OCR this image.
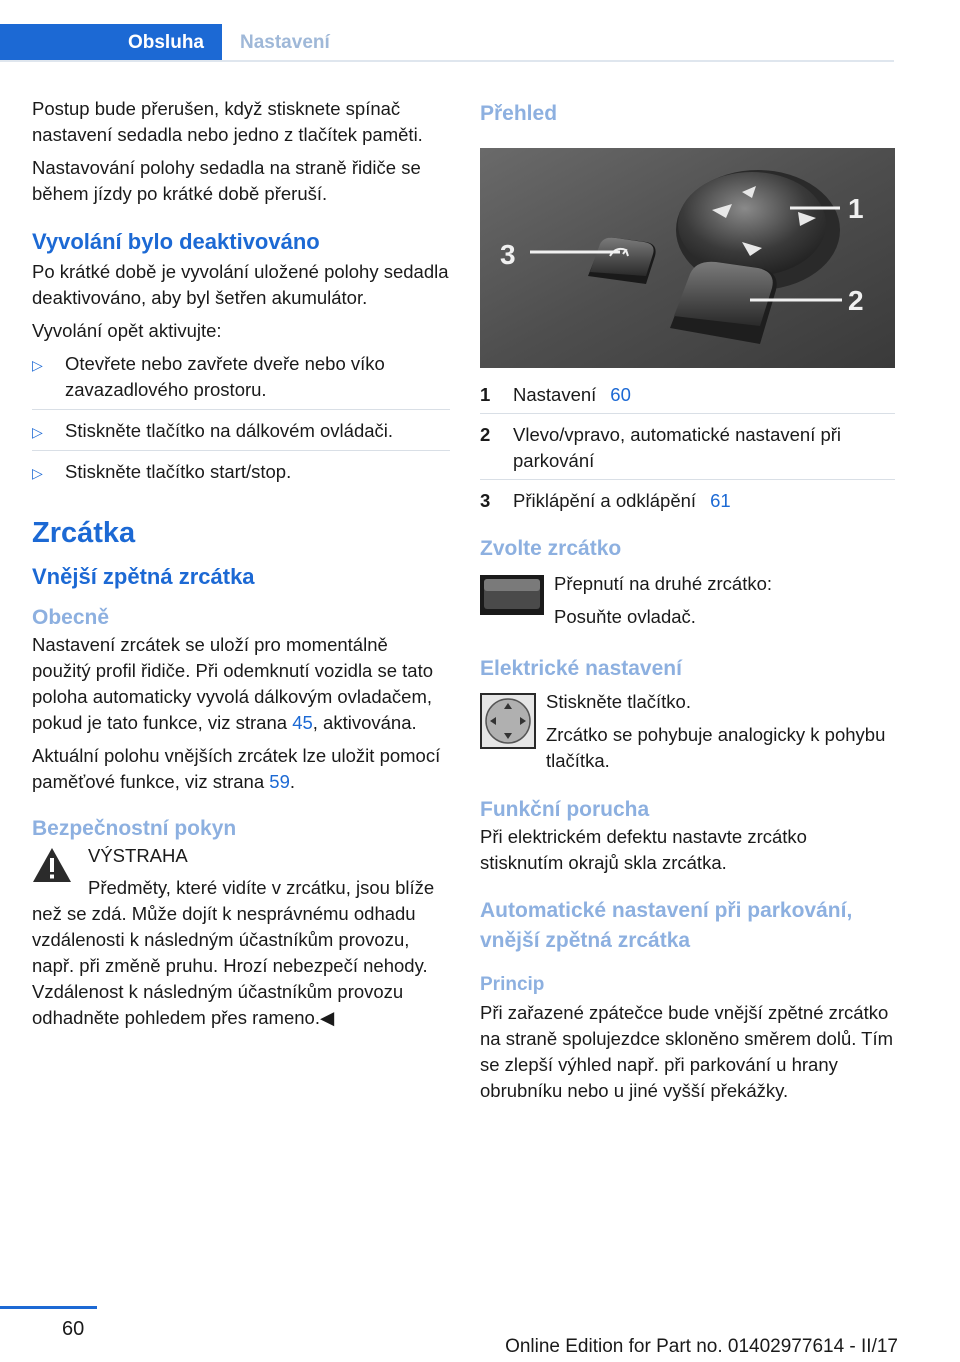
Obsluha	Nastavení

Postup bude přerušen, když stisknete spínač nastavení sedadla nebo jedno z tlačítek paměti.

Nastavování polohy sedadla na straně řidiče se během jízdy po krátké době přeruší.

Vyvolání bylo deaktivováno

Po krátké době je vyvolání uložené polohy sedadla deaktivováno, aby byl šetřen akumulátor.

Vyvolání opět aktivujte:

▷ Otevřete nebo zavřete dveře nebo víko zavazadlového prostoru.
▷ Stiskněte tlačítko na dálkovém ovládači.
▷ Stiskněte tlačítko start/stop.
Zrcátka
Vnější zpětná zrcátka
Obecně

Nastavení zrcátek se uloží pro momentálně použitý profil řidiče. Při odemknutí vozidla se tato poloha automaticky vyvolá dálkovým ovladačem, pokud je tato funkce, viz strana 45, aktivována.

Aktuální polohu vnějších zrcátek lze uložit pomocí paměťové funkce, viz strana 59.

Bezpečnostní pokyn

VÝSTRAHA

Předměty, které vidíte v zrcátku, jsou blíže než se zdá. Může dojít k nesprávnému odhadu vzdálenosti k následným účastníkům provozu, např. při změně pruhu. Hrozí nebezpečí nehody. Vzdálenost k následným účastníkům provozu odhadněte pohledem přes rameno.◀

Přehled
1
2
3
1	Nastavení 60
2	Vlevo/vpravo, automatické nastavení při parkování
3	Přiklápění a odklápění 61
Zvolte zrcátko

Přepnutí na druhé zrcátko:

Posuňte ovladač.

Elektrické nastavení

Stiskněte tlačítko.

Zrcátko se pohybuje analogicky k pohybu tlačítka.

Funkční porucha

Při elektrickém defektu nastavte zrcátko stisknutím okrajů skla zrcátka.

Automatické nastavení při parkování, vnější zpětná zrcátka
Princip

Při zařazené zpátečce bude vnější zpětné zrcátko na straně spolujezdce skloněno směrem dolů. Tím se zlepší výhled např. při parkování u hrany obrubníku nebo u jiné vyšší překážky.

60
Online Edition for Part no. 01402977614 - II/17
